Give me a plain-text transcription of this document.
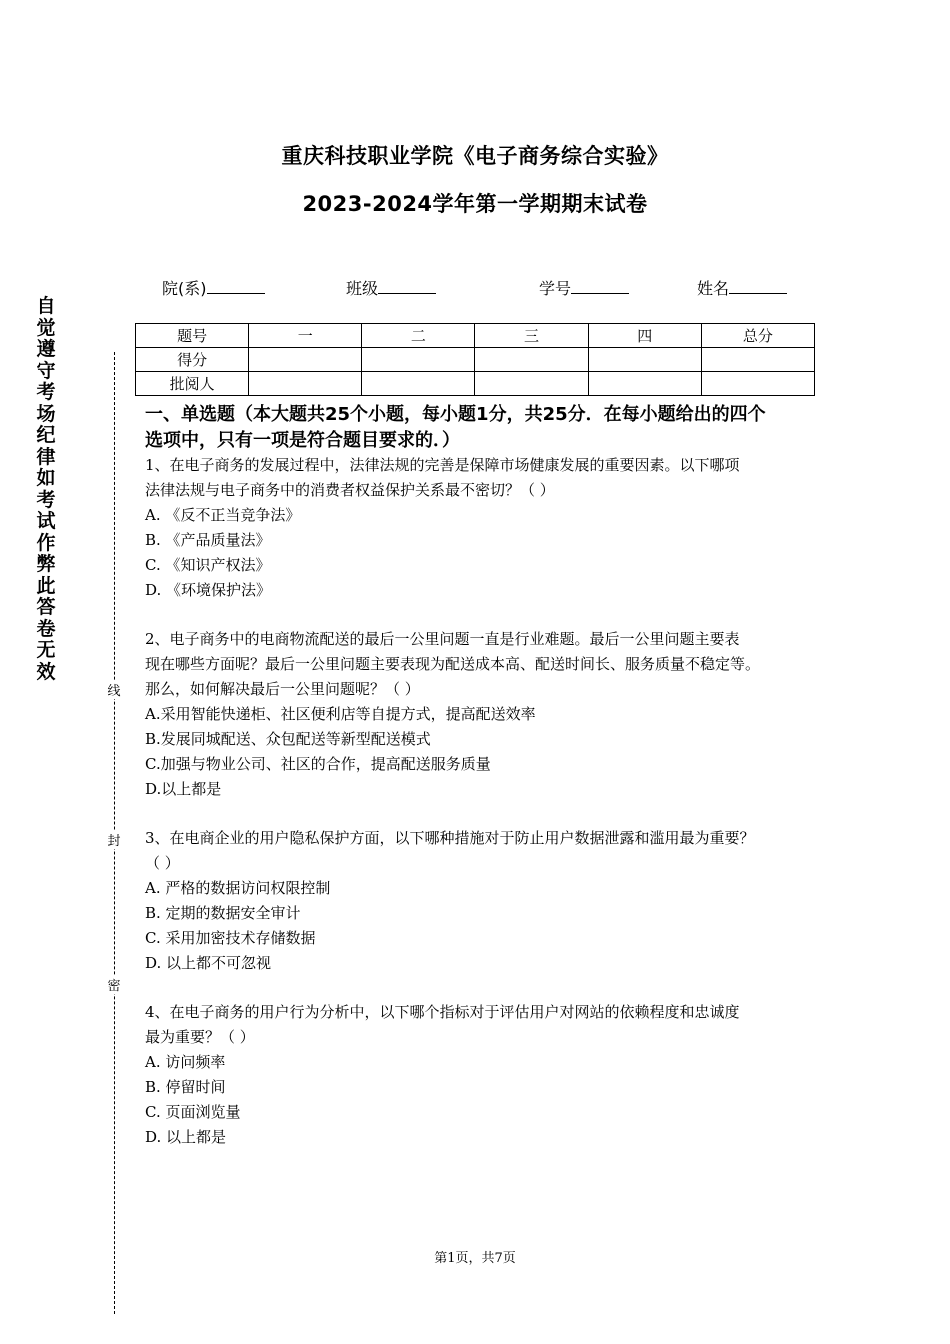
重庆科技职业学院《电子商务综合实验》
2023-2024学年第一学期期末试卷
院(系)	班级	学号	姓名
题号	一	二	三	四	总分
得分					
批阅人					
自觉遵守考场纪律如考试作弊此答卷无效
线
封
密
一、单选题（本大题共25个小题，每小题1分，共25分．在每小题给出的四个
选项中，只有一项是符合题目要求的．）
1、在电子商务的发展过程中，法律法规的完善是保障市场健康发展的重要因素。以下哪项
法律法规与电子商务中的消费者权益保护关系最不密切？（ ）
A. 《反不正当竞争法》
B. 《产品质量法》
C. 《知识产权法》
D. 《环境保护法》
2、电子商务中的电商物流配送的最后一公里问题一直是行业难题。最后一公里问题主要表
现在哪些方面呢？最后一公里问题主要表现为配送成本高、配送时间长、服务质量不稳定等。
那么，如何解决最后一公里问题呢？（ ）
A.采用智能快递柜、社区便利店等自提方式，提高配送效率
B.发展同城配送、众包配送等新型配送模式
C.加强与物业公司、社区的合作，提高配送服务质量
D.以上都是
3、在电商企业的用户隐私保护方面，以下哪种措施对于防止用户数据泄露和滥用最为重要？
（ ）
A. 严格的数据访问权限控制
B. 定期的数据安全审计
C. 采用加密技术存储数据
D. 以上都不可忽视
4、在电子商务的用户行为分析中，以下哪个指标对于评估用户对网站的依赖程度和忠诚度
最为重要？（ ）
A. 访问频率
B. 停留时间
C. 页面浏览量
D. 以上都是
第1页，共7页
